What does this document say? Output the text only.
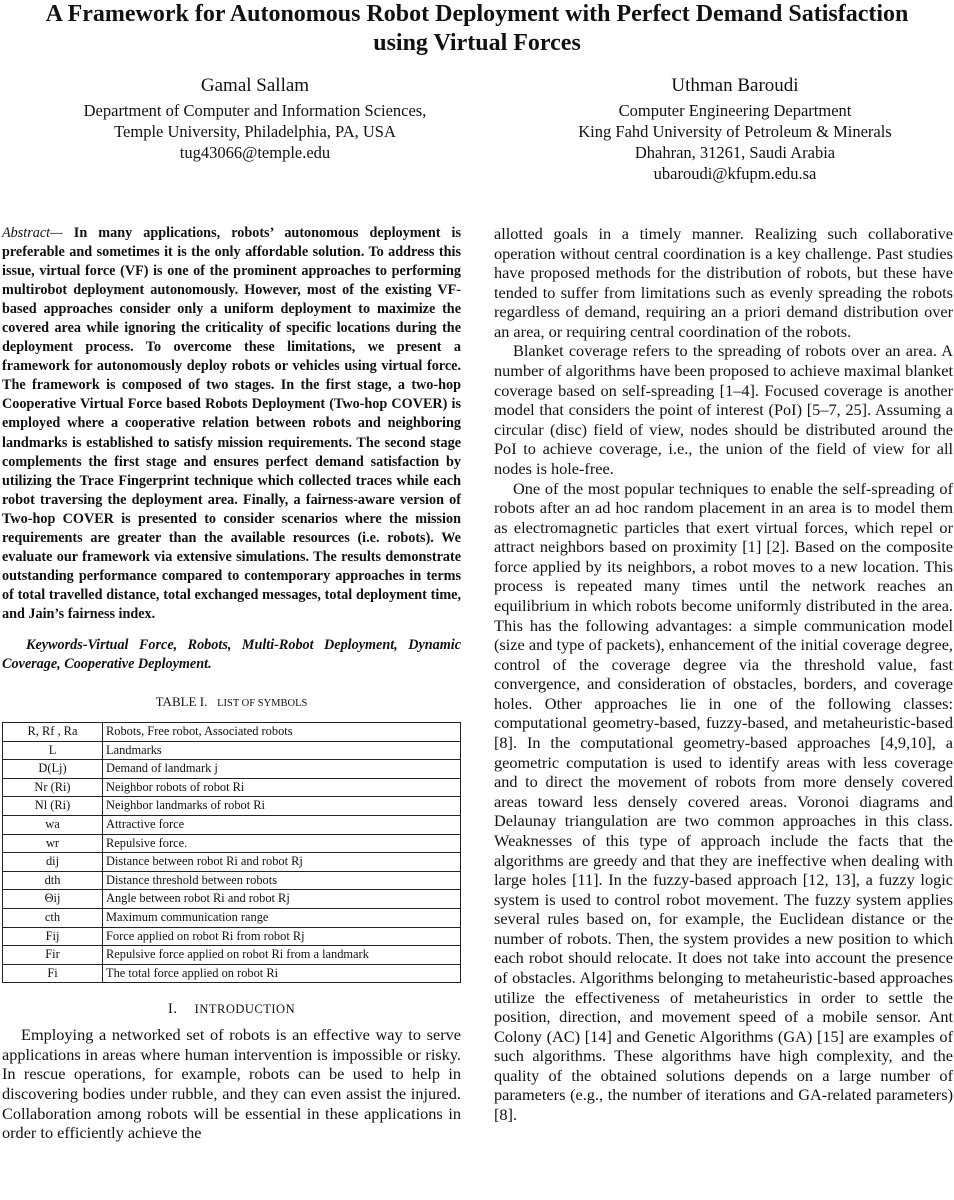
A Framework for Autonomous Robot Deployment with Perfect Demand Satisfaction
using Virtual Forces
Gamal Sallam
Department of Computer and Information Sciences,
Temple University, Philadelphia, PA, USA
tug43066@temple.edu
Uthman Baroudi
Computer Engineering Department
King Fahd University of Petroleum & Minerals
Dhahran, 31261, Saudi Arabia
ubaroudi@kfupm.edu.sa

Abstract— In many applications, robots’ autonomous deployment is preferable and sometimes it is the only affordable solution. To address this issue, virtual force (VF) is one of the prominent approaches to performing multirobot deployment autonomously. However, most of the existing VF-based approaches consider only a uniform deployment to maximize the covered area while ignoring the criticality of specific locations during the deployment process. To overcome these limitations, we present a framework for autonomously deploy robots or vehicles using virtual force. The framework is composed of two stages. In the first stage, a two-hop Cooperative Virtual Force based Robots Deployment (Two-hop COVER) is employed where a cooperative relation between robots and neighboring landmarks is established to satisfy mission requirements. The second stage complements the first stage and ensures perfect demand satisfaction by utilizing the Trace Fingerprint technique which collected traces while each robot traversing the deployment area. Finally, a fairness-aware version of Two-hop COVER is presented to consider scenarios where the mission requirements are greater than the available resources (i.e. robots). We evaluate our framework via extensive simulations. The results demonstrate outstanding performance compared to contemporary approaches in terms of total travelled distance, total exchanged messages, total deployment time, and Jain’s fairness index.

Keywords-Virtual Force, Robots, Multi-Robot Deployment, Dynamic Coverage, Cooperative Deployment.

TABLE I. LIST OF SYMBOLS
R, Rf , Ra	Robots, Free robot, Associated robots
L	Landmarks
D(Lj)	Demand of landmark j
Nr (Ri)	Neighbor robots of robot Ri
Nl (Ri)	Neighbor landmarks of robot Ri
wa	Attractive force
wr	Repulsive force.
dij	Distance between robot Ri and robot Rj
dth	Distance threshold between robots
Θij	Angle between robot Ri and robot Rj
cth	Maximum communication range
Fij	Force applied on robot Ri from robot Rj
Fir	Repulsive force applied on robot Ri from a landmark
Fi	The total force applied on robot Ri
I. INTRODUCTION

Employing a networked set of robots is an effective way to serve applications in areas where human intervention is impossible or risky. In rescue operations, for example, robots can be used to help in discovering bodies under rubble, and they can even assist the injured. Collaboration among robots will be essential in these applications in order to efficiently achieve the

allotted goals in a timely manner. Realizing such collaborative operation without central coordination is a key challenge. Past studies have proposed methods for the distribution of robots, but these have tended to suffer from limitations such as evenly spreading the robots regardless of demand, requiring an a priori demand distribution over an area, or requiring central coordination of the robots.

Blanket coverage refers to the spreading of robots over an area. A number of algorithms have been proposed to achieve maximal blanket coverage based on self-spreading [1–4]. Focused coverage is another model that considers the point of interest (PoI) [5–7, 25]. Assuming a circular (disc) field of view, nodes should be distributed around the PoI to achieve coverage, i.e., the union of the field of view for all nodes is hole-free.

One of the most popular techniques to enable the self-spreading of robots after an ad hoc random placement in an area is to model them as electromagnetic particles that exert virtual forces, which repel or attract neighbors based on proximity [1] [2]. Based on the composite force applied by its neighbors, a robot moves to a new location. This process is repeated many times until the network reaches an equilibrium in which robots become uniformly distributed in the area. This has the following advantages: a simple communication model (size and type of packets), enhancement of the initial coverage degree, control of the coverage degree via the threshold value, fast convergence, and consideration of obstacles, borders, and coverage holes. Other approaches lie in one of the following classes: computational geometry-based, fuzzy-based, and metaheuristic-based [8]. In the computational geometry-based approaches [4,9,10], a geometric computation is used to identify areas with less coverage and to direct the movement of robots from more densely covered areas toward less densely covered areas. Voronoi diagrams and Delaunay triangulation are two common approaches in this class. Weaknesses of this type of approach include the facts that the algorithms are greedy and that they are ineffective when dealing with large holes [11]. In the fuzzy-based approach [12, 13], a fuzzy logic system is used to control robot movement. The fuzzy system applies several rules based on, for example, the Euclidean distance or the number of robots. Then, the system provides a new position to which each robot should relocate. It does not take into account the presence of obstacles. Algorithms belonging to metaheuristic-based approaches utilize the effectiveness of metaheuristics in order to settle the position, direction, and movement speed of a mobile sensor. Ant Colony (AC) [14] and Genetic Algorithms (GA) [15] are examples of such algorithms. These algorithms have high complexity, and the quality of the obtained solutions depends on a large number of parameters (e.g., the number of iterations and GA-related parameters) [8].
